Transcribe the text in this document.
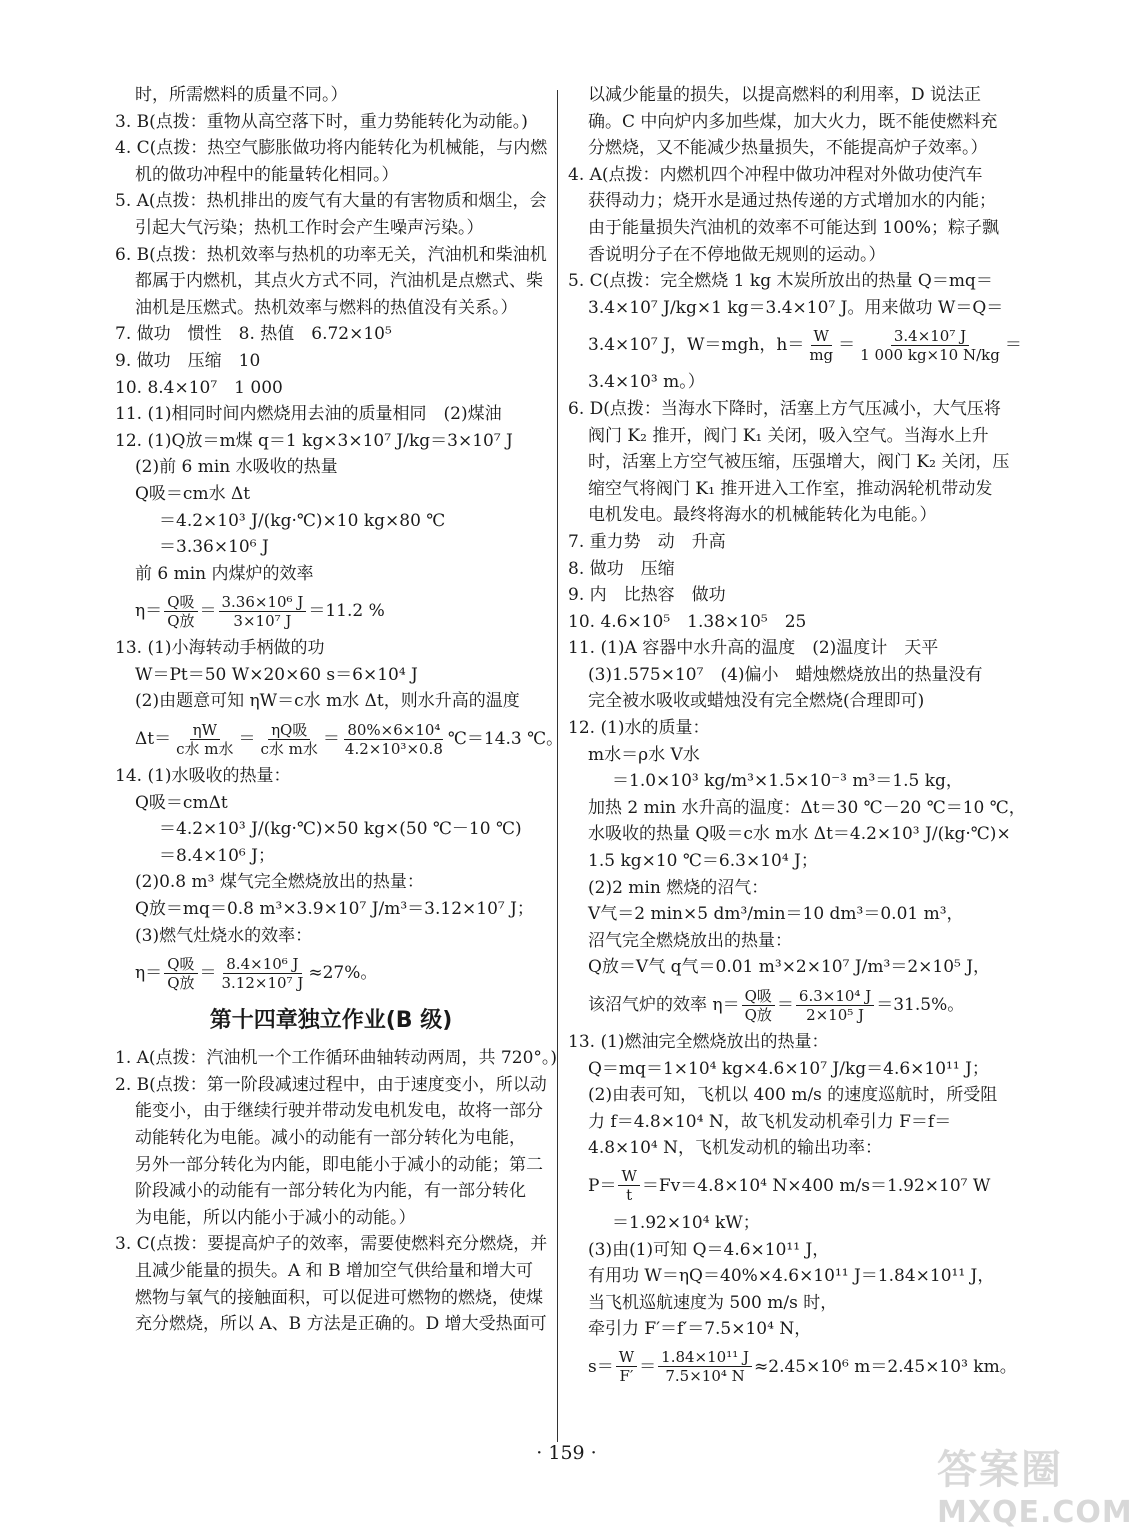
时，所需燃料的质量不同。）
3. B(点拨：重物从高空落下时，重力势能转化为动能。)
4. C(点拨：热空气膨胀做功将内能转化为机械能，与内燃
机的做功冲程中的能量转化相同。）
5. A(点拨：热机排出的废气有大量的有害物质和烟尘，会
引起大气污染；热机工作时会产生噪声污染。）
6. B(点拨：热机效率与热机的功率无关，汽油机和柴油机
都属于内燃机，其点火方式不同，汽油机是点燃式、柴
油机是压燃式。热机效率与燃料的热值没有关系。）
7. 做功　惯性　8. 热值　6.72×10⁵
9. 做功　压缩　10
10. 8.4×10⁷　1 000
11. (1)相同时间内燃烧用去油的质量相同　(2)煤油
12. (1)Q放＝m煤 q＝1 kg×3×10⁷ J/kg＝3×10⁷ J
(2)前 6 min 水吸收的热量
Q吸＝cm水 Δt
＝4.2×10³ J/(kg·℃)×10 kg×80 ℃
＝3.36×10⁶ J
前 6 min 内煤炉的效率
$\eta= \frac{\text{Q吸}}{\text{Q放}} = \frac{\text{3.36×10⁶ J}}{\text{3×10⁷ J}} =11.2$ %
13. (1)小海转动手柄做的功
W＝Pt＝50 W×20×60 s＝6×10⁴ J
(2)由题意可知 ηW＝c水 m水 Δt，则水升高的温度
$\Delta t= \frac{\eta W}{\text{c水 m水}} = \frac{\text{ηQ吸}}{\text{c水 m水}} = \frac{\text{80\%×6×10⁴}}{\text{4.2×10³×0.8}}$ ℃＝14.3 ℃。
14. (1)水吸收的热量：
Q吸＝cmΔt
＝4.2×10³ J/(kg·℃)×50 kg×(50 ℃－10 ℃)
＝8.4×10⁶ J；
(2)0.8 m³ 煤气完全燃烧放出的热量：
Q放＝mq＝0.8 m³×3.9×10⁷ J/m³＝3.12×10⁷ J；
(3)燃气灶烧水的效率：
$\eta= \frac{\text{Q吸}}{\text{Q放}} = \frac{\text{8.4×10⁶ J}}{\text{3.12×10⁷ J}} \approx 27\%$。
第十四章独立作业(B 级)
1. A(点拨：汽油机一个工作循环曲轴转动两周，共 720°。)
2. B(点拨：第一阶段减速过程中，由于速度变小，所以动
能变小，由于继续行驶并带动发电机发电，故将一部分
动能转化为电能。减小的动能有一部分转化为电能，
另外一部分转化为内能，即电能小于减小的动能；第二
阶段减小的动能有一部分转化为内能，有一部分转化
为电能，所以内能小于减小的动能。）
3. C(点拨：要提高炉子的效率，需要使燃料充分燃烧，并
且减少能量的损失。A 和 B 增加空气供给量和增大可
燃物与氧气的接触面积，可以促进可燃物的燃烧，使煤
充分燃烧，所以 A、B 方法是正确的。D 增大受热面可
以减少能量的损失，以提高燃料的利用率，D 说法正
确。C 中向炉内多加些煤，加大火力，既不能使燃料充
分燃烧，又不能减少热量损失，不能提高炉子效率。）
4. A(点拨：内燃机四个冲程中做功冲程对外做功使汽车
获得动力；烧开水是通过热传递的方式增加水的内能；
由于能量损失汽油机的效率不可能达到 100%；粽子飘
香说明分子在不停地做无规则的运动。）
5. C(点拨：完全燃烧 1 kg 木炭所放出的热量 Q＝mq＝
3.4×10⁷ J/kg×1 kg＝3.4×10⁷ J。用来做功 W＝Q＝
3.4×10⁷ J，W＝mgh，$h= \frac{W}{mg} = \frac{\text{3.4×10⁷ J}}{1 000 kg\times 10 N/kg}$ ＝
3.4×10³ m。）
6. D(点拨：当海水下降时，活塞上方气压减小，大气压将
阀门 K₂ 推开，阀门 K₁ 关闭，吸入空气。当海水上升
时，活塞上方空气被压缩，压强增大，阀门 K₂ 关闭，压
缩空气将阀门 K₁ 推开进入工作室，推动涡轮机带动发
电机发电。最终将海水的机械能转化为电能。）
7. 重力势　动　升高
8. 做功　压缩
9. 内　比热容　做功
10. 4.6×10⁵　1.38×10⁵　25
11. (1)A 容器中水升高的温度　(2)温度计　天平
(3)1.575×10⁷　(4)偏小　蜡烛燃烧放出的热量没有
完全被水吸收或蜡烛没有完全燃烧(合理即可)
12. (1)水的质量：
m水＝ρ水 V水
＝1.0×10³ kg/m³×1.5×10⁻³ m³＝1.5 kg，
加热 2 min 水升高的温度：Δt＝30 ℃－20 ℃＝10 ℃，
水吸收的热量 Q吸＝c水 m水 Δt＝4.2×10³ J/(kg·℃)×
1.5 kg×10 ℃＝6.3×10⁴ J；
(2)2 min 燃烧的沼气：
V气＝2 min×5 dm³/min＝10 dm³＝0.01 m³，
沼气完全燃烧放出的热量：
Q放＝V气 q气＝0.01 m³×2×10⁷ J/m³＝2×10⁵ J，
该沼气炉的效率 $\eta= \frac{\text{Q吸}}{\text{Q放}} = \frac{\text{6.3×10⁴ J}}{\text{2×10⁵ J}} =31.5\%$。
13. (1)燃油完全燃烧放出的热量：
Q＝mq＝1×10⁴ kg×4.6×10⁷ J/kg＝4.6×10¹¹ J；
(2)由表可知，飞机以 400 m/s 的速度巡航时，所受阻
力 f＝4.8×10⁴ N，故飞机发动机牵引力 F＝f＝
4.8×10⁴ N，飞机发动机的输出功率：
$P= \frac{W}{t} =Fv=4.8\times 10^4$ N×400 m/s＝1.92×10⁷ W
＝1.92×10⁴ kW；
(3)由(1)可知 Q＝4.6×10¹¹ J，
有用功 W＝ηQ＝40%×4.6×10¹¹ J＝1.84×10¹¹ J，
当飞机巡航速度为 500 m/s 时，
牵引力 F′＝f′＝7.5×10⁴ N，
$s= \frac{W}{F'} = \frac{\text{1.84×10¹¹ J}}{\text{7.5×10⁴ N}} \approx 2.45\times 10^6$ m＝2.45×10³ km。
· 159 ·	答案圈
MXQE.COM
